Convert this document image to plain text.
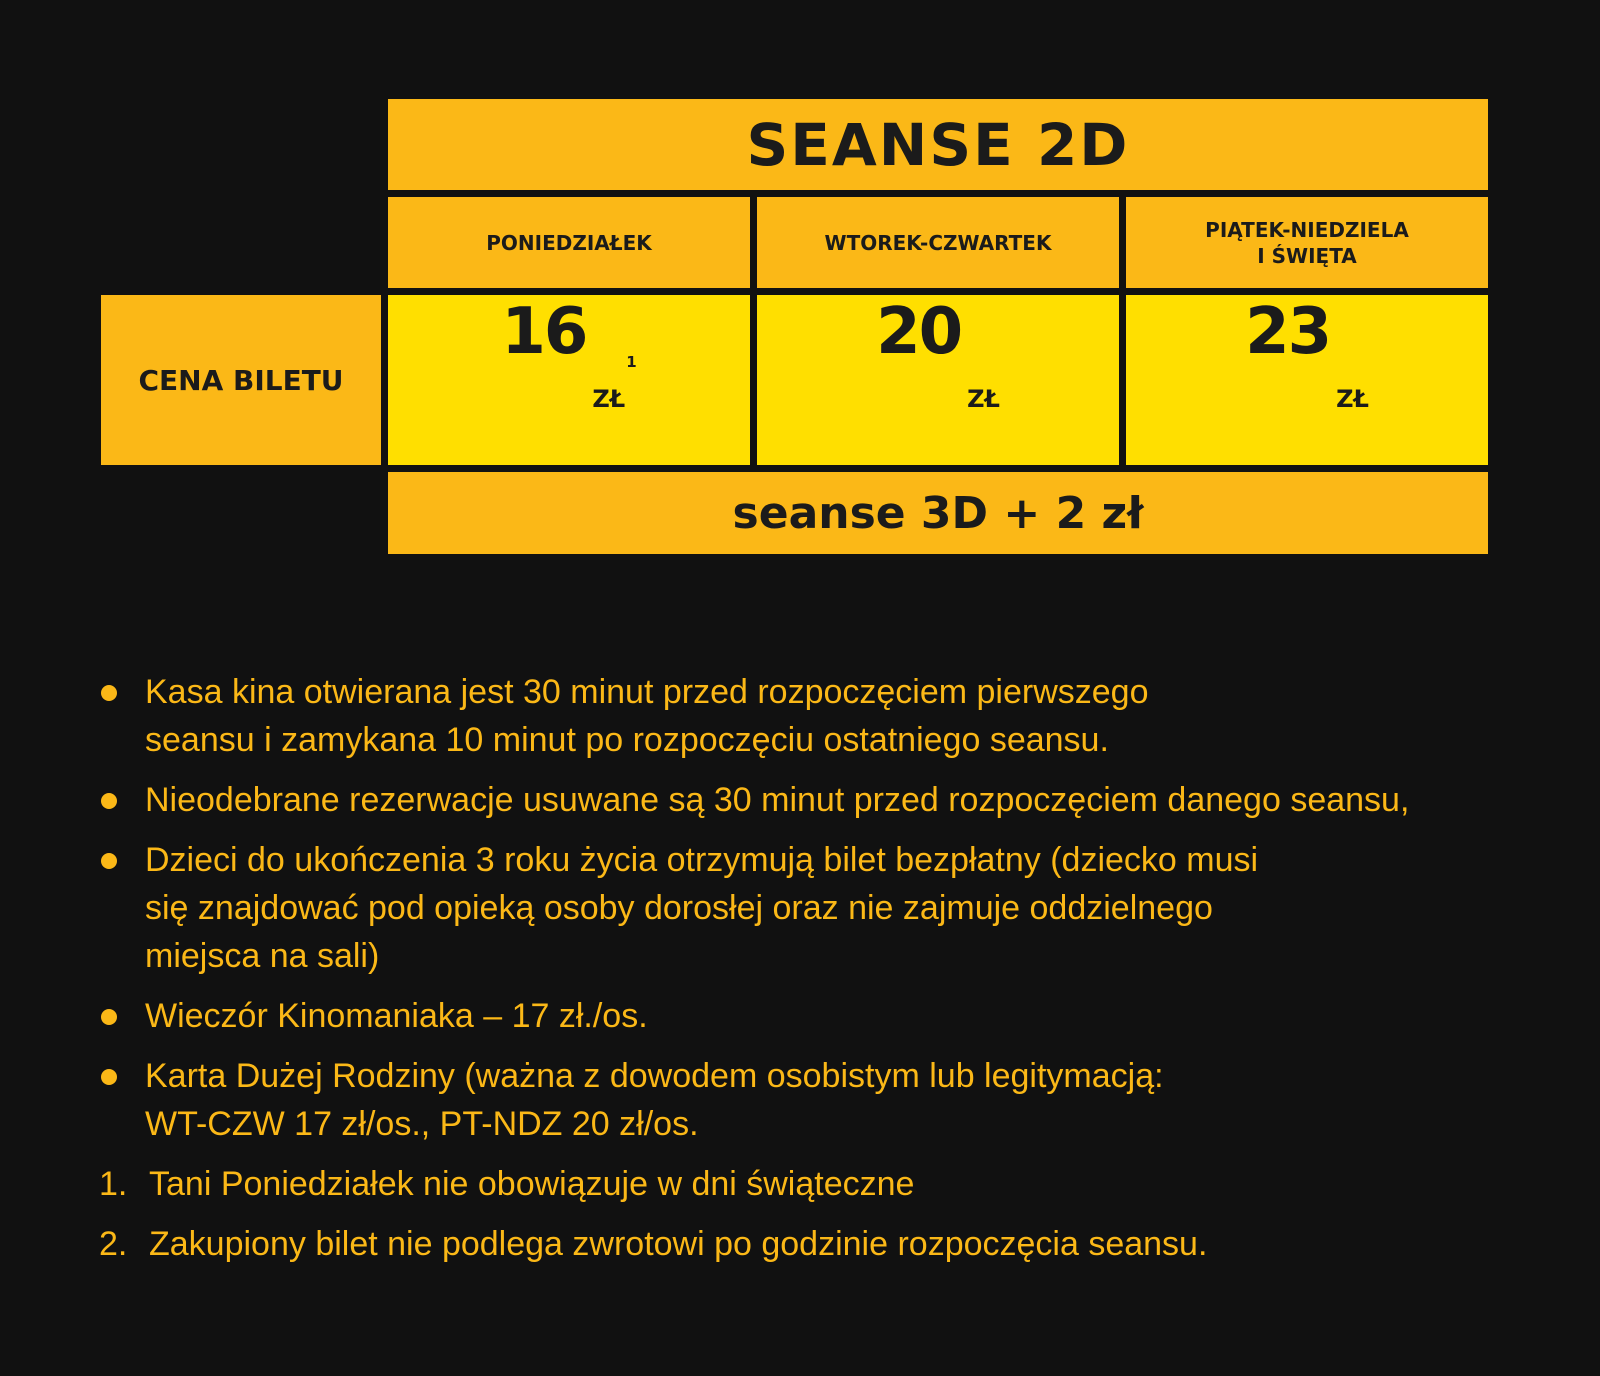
SEANSE 2D
PONIEDZIAŁEK	WTOREK-CZWARTEK
PIĄTEK-NIEDZIELA
I ŚWIĘTA
CENA BILETU
16
ZŁ
1	20
ZŁ
23
ZŁ
seanse 3D + 2 zł
Kasa kina otwierana jest 30 minut przed rozpoczęciem pierwszego
seansu i zamykana 10 minut po rozpoczęciu ostatniego seansu.
Nieodebrane rezerwacje usuwane są 30 minut przed rozpoczęciem danego seansu,
Dzieci do ukończenia 3 roku życia otrzymują bilet bezpłatny (dziecko musi
się znajdować pod opieką osoby dorosłej oraz nie zajmuje oddzielnego
miejsca na sali)
Wieczór Kinomaniaka – 17 zł./os.
Karta Dużej Rodziny (ważna z dowodem osobistym lub legitymacją:
WT-CZW 17 zł/os., PT-NDZ 20 zł/os.
1. Tani Poniedziałek nie obowiązuje w dni świąteczne
2. Zakupiony bilet nie podlega zwrotowi po godzinie rozpoczęcia seansu.
